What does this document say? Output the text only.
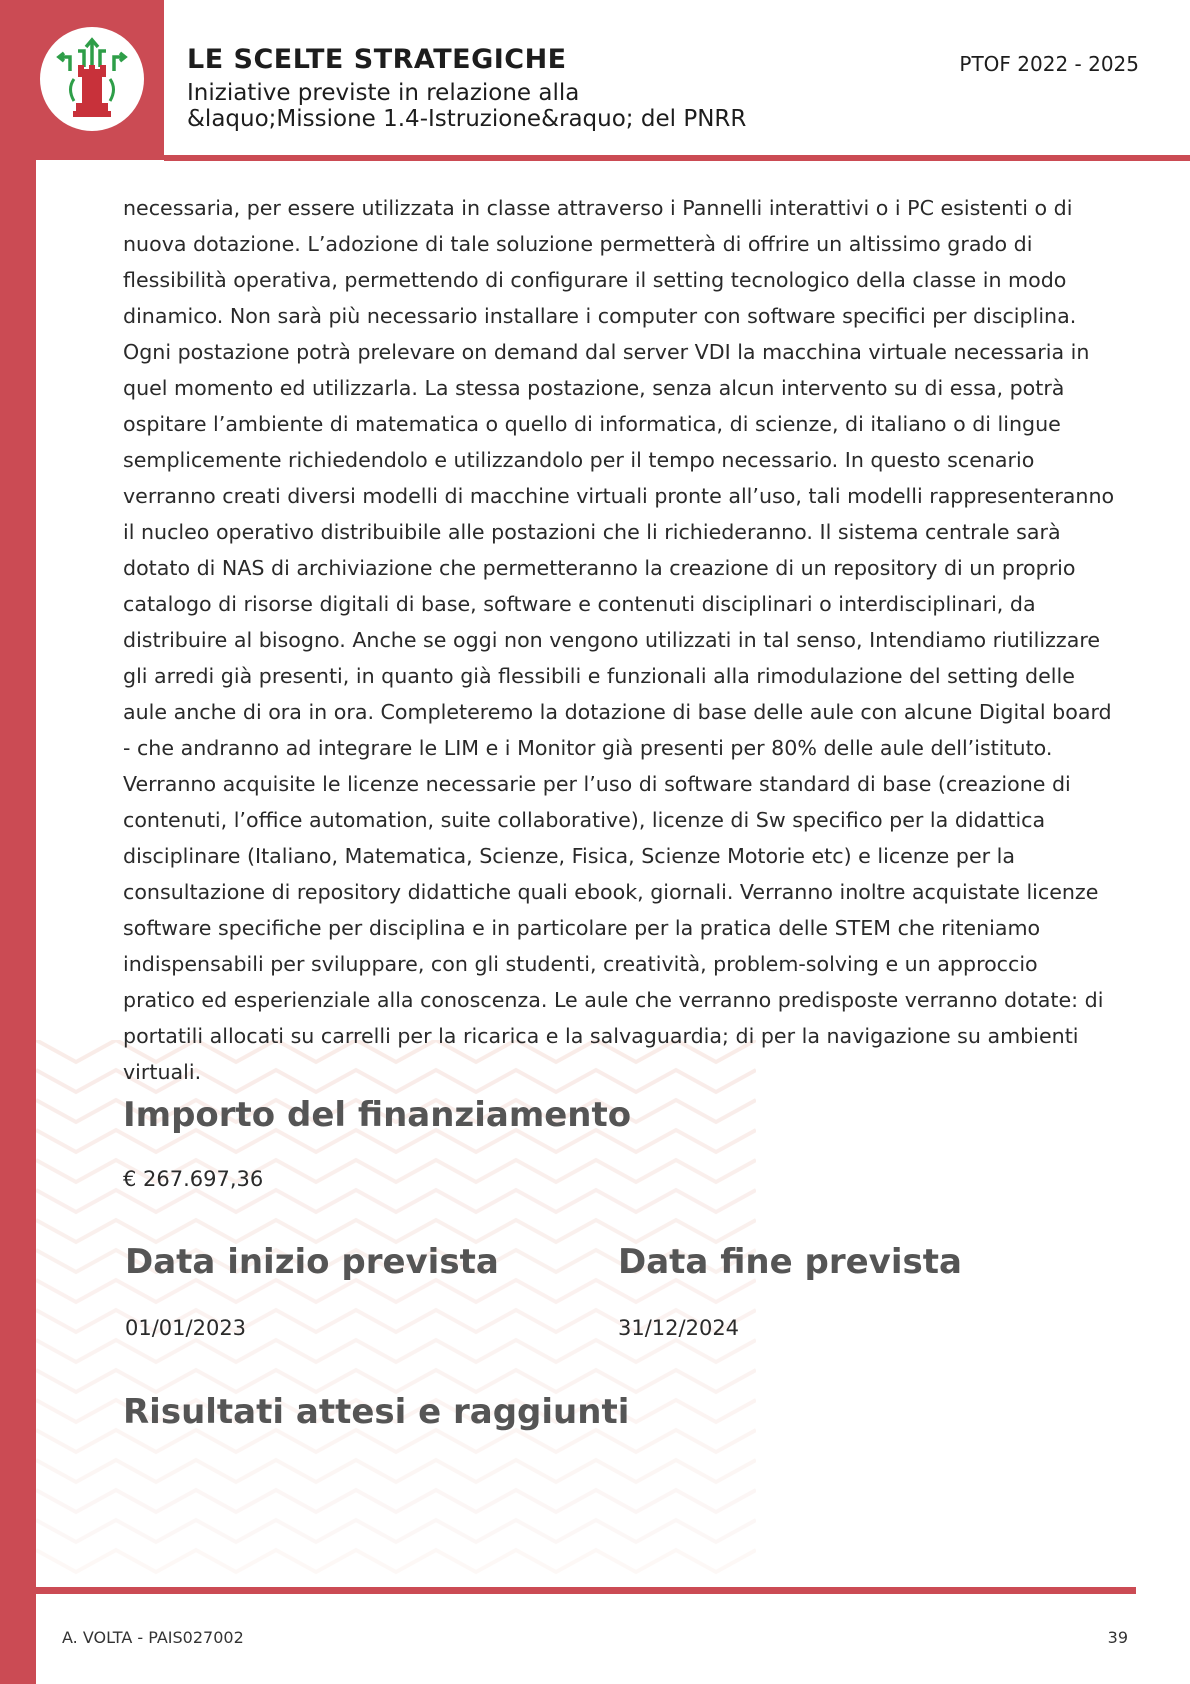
LE SCELTE STRATEGICHE
Iniziative previste in relazione alla
&laquo;Missione 1.4-Istruzione&raquo; del PNRR
PTOF 2022 - 2025

necessaria, per essere utilizzata in classe attraverso i Pannelli interattivi o i PC esistenti o di nuova dotazione. L’adozione di tale soluzione permetterà di offrire un altissimo grado di flessibilità operativa, permettendo di configurare il setting tecnologico della classe in modo dinamico. Non sarà più necessario installare i computer con software specifici per disciplina. Ogni postazione potrà prelevare on demand dal server VDI la macchina virtuale necessaria in quel momento ed utilizzarla. La stessa postazione, senza alcun intervento su di essa, potrà ospitare l’ambiente di matematica o quello di informatica, di scienze, di italiano o di lingue semplicemente richiedendolo e utilizzandolo per il tempo necessario. In questo scenario verranno creati diversi modelli di macchine virtuali pronte all’uso, tali modelli rappresenteranno il nucleo operativo distribuibile alle postazioni che li richiederanno. Il sistema centrale sarà dotato di NAS di archiviazione che permetteranno la creazione di un repository di un proprio catalogo di risorse digitali di base, software e contenuti disciplinari o interdisciplinari, da distribuire al bisogno. Anche se oggi non vengono utilizzati in tal senso, Intendiamo riutilizzare gli arredi già presenti, in quanto già flessibili e funzionali alla rimodulazione del setting delle aule anche di ora in ora. Completeremo la dotazione di base delle aule con alcune Digital board - che andranno ad integrare le LIM e i Monitor già presenti per 80% delle aule dell’istituto. Verranno acquisite le licenze necessarie per l’uso di software standard di base (creazione di contenuti, l’office automation, suite collaborative), licenze di Sw specifico per la didattica disciplinare (Italiano, Matematica, Scienze, Fisica, Scienze Motorie etc) e licenze per la consultazione di repository didattiche quali ebook, giornali. Verranno inoltre acquistate licenze software specifiche per disciplina e in particolare per la pratica delle STEM che riteniamo indispensabili per sviluppare, con gli studenti, creatività, problem-solving e un approccio pratico ed esperienziale alla conoscenza. Le aule che verranno predisposte verranno dotate: di portatili allocati su carrelli per la ricarica e la salvaguardia; di per la navigazione su ambienti virtuali.

Importo del finanziamento

€ 267.697,36

Data inizio prevista

01/01/2023

Data fine prevista

31/12/2024

Risultati attesi e raggiunti
A. VOLTA - PAIS027002	39
